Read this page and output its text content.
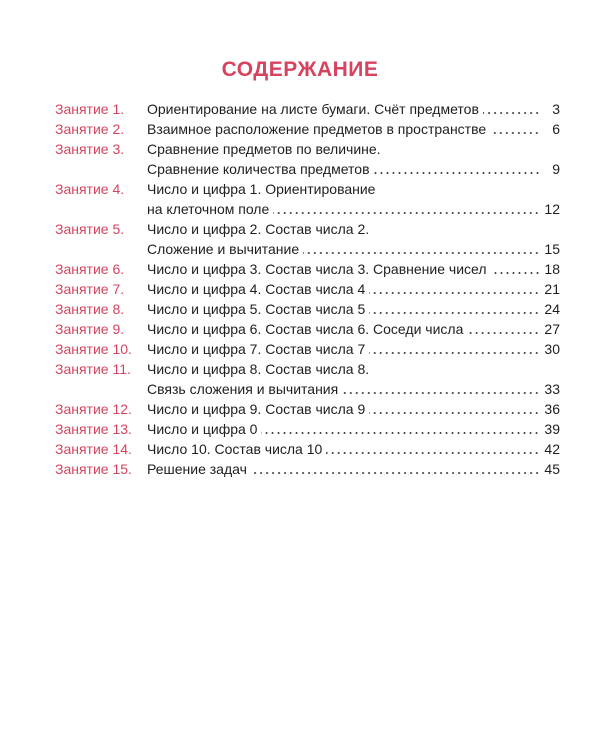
СОДЕРЖАНИЕ
Занятие 1.	Ориентирование на листе бумаги. Счёт предметов	3
Занятие 2.	Взаимное расположение предметов в пространстве	6
Занятие 3.	Сравнение предметов по величине.
Сравнение количества предметов	9
Занятие 4.	Число и цифра 1. Ориентирование
на клеточном поле	12
Занятие 5.	Число и цифра 2. Состав числа 2.
Сложение и вычитание	15
Занятие 6.	Число и цифра 3. Состав числа 3. Сравнение чисел	18
Занятие 7.	Число и цифра 4. Состав числа 4	21
Занятие 8.	Число и цифра 5. Состав числа 5	24
Занятие 9.	Число и цифра 6. Состав числа 6. Соседи числа	27
Занятие 10.	Число и цифра 7. Состав числа 7	30
Занятие 11.	Число и цифра 8. Состав числа 8.
Связь сложения и вычитания	33
Занятие 12.	Число и цифра 9. Состав числа 9	36
Занятие 13.	Число и цифра 0	39
Занятие 14.	Число 10. Состав числа 10	42
Занятие 15.	Решение задач	45
